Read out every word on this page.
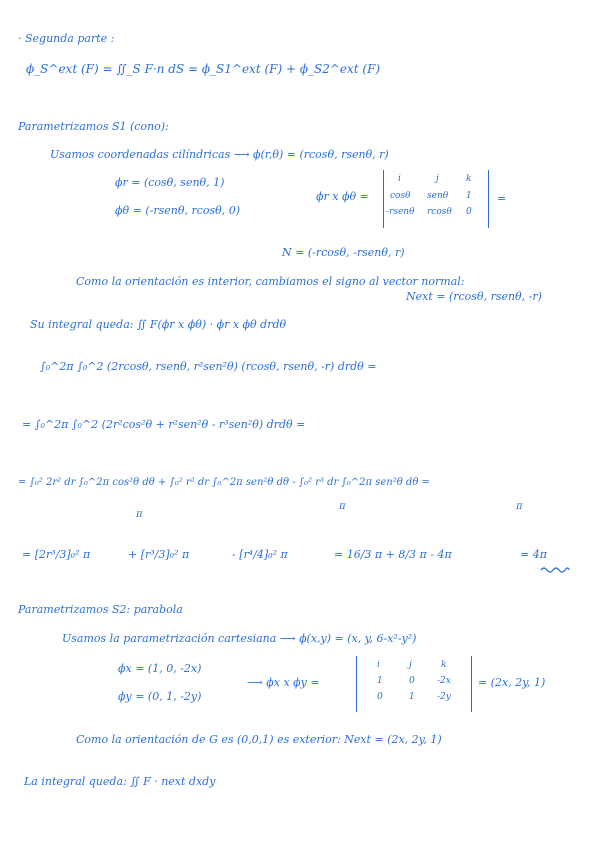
· Segunda parte :
ϕ_S^ext (F) = ∬_S F·n dS = ϕ_S1^ext (F) + ϕ_S2^ext (F)
Parametrizamos S1 (cono):
Usamos coordenadas cilíndricas ⟶ ϕ(r,θ) = (rcosθ, rsenθ, r)
ϕr = (cosθ, senθ, 1)
ϕθ = (-rsenθ, rcosθ, 0)
ϕr x ϕθ =
i	j	k
cosθ senθ 1
-rsenθ rcosθ 0
=
N = (-rcosθ, -rsenθ, r)
Como la orientación es interior, cambiamos el signo al vector normal:
Next = (rcosθ, rsenθ, -r)
Su integral queda: ∬ F(ϕr x ϕθ) · ϕr x ϕθ drdθ
∫₀^2π ∫₀^2 (2rcosθ, rsenθ, r²sen²θ) (rcosθ, rsenθ, -r) drdθ =
= ∫₀^2π ∫₀^2 (2r²cos²θ + r²sen²θ - r³sen²θ) drdθ =
= ∫₀² 2r² dr ∫₀^2π cos²θ dθ + ∫₀² r² dr ∫₀^2π sen²θ dθ - ∫₀² r³ dr ∫₀^2π sen²θ dθ =
π
π	π
= [2r³/3]₀² π	+ [r³/3]₀² π	- [r⁴/4]₀² π	= 16/3 π + 8/3 π - 4π	= 4π
Parametrizamos S2: parabola
Usamos la parametrización cartesiana ⟶ ϕ(x,y) = (x, y, 6-x²-y²)
ϕx = (1, 0, -2x)
ϕy = (0, 1, -2y)
⟶ ϕx x ϕy =
i	j	k
1	0 -2x
0	1 -2y
= (2x, 2y, 1)
Como la orientación de G es (0,0,1) es exterior: Next = (2x, 2y, 1)
La integral queda: ∬ F · next dxdy
